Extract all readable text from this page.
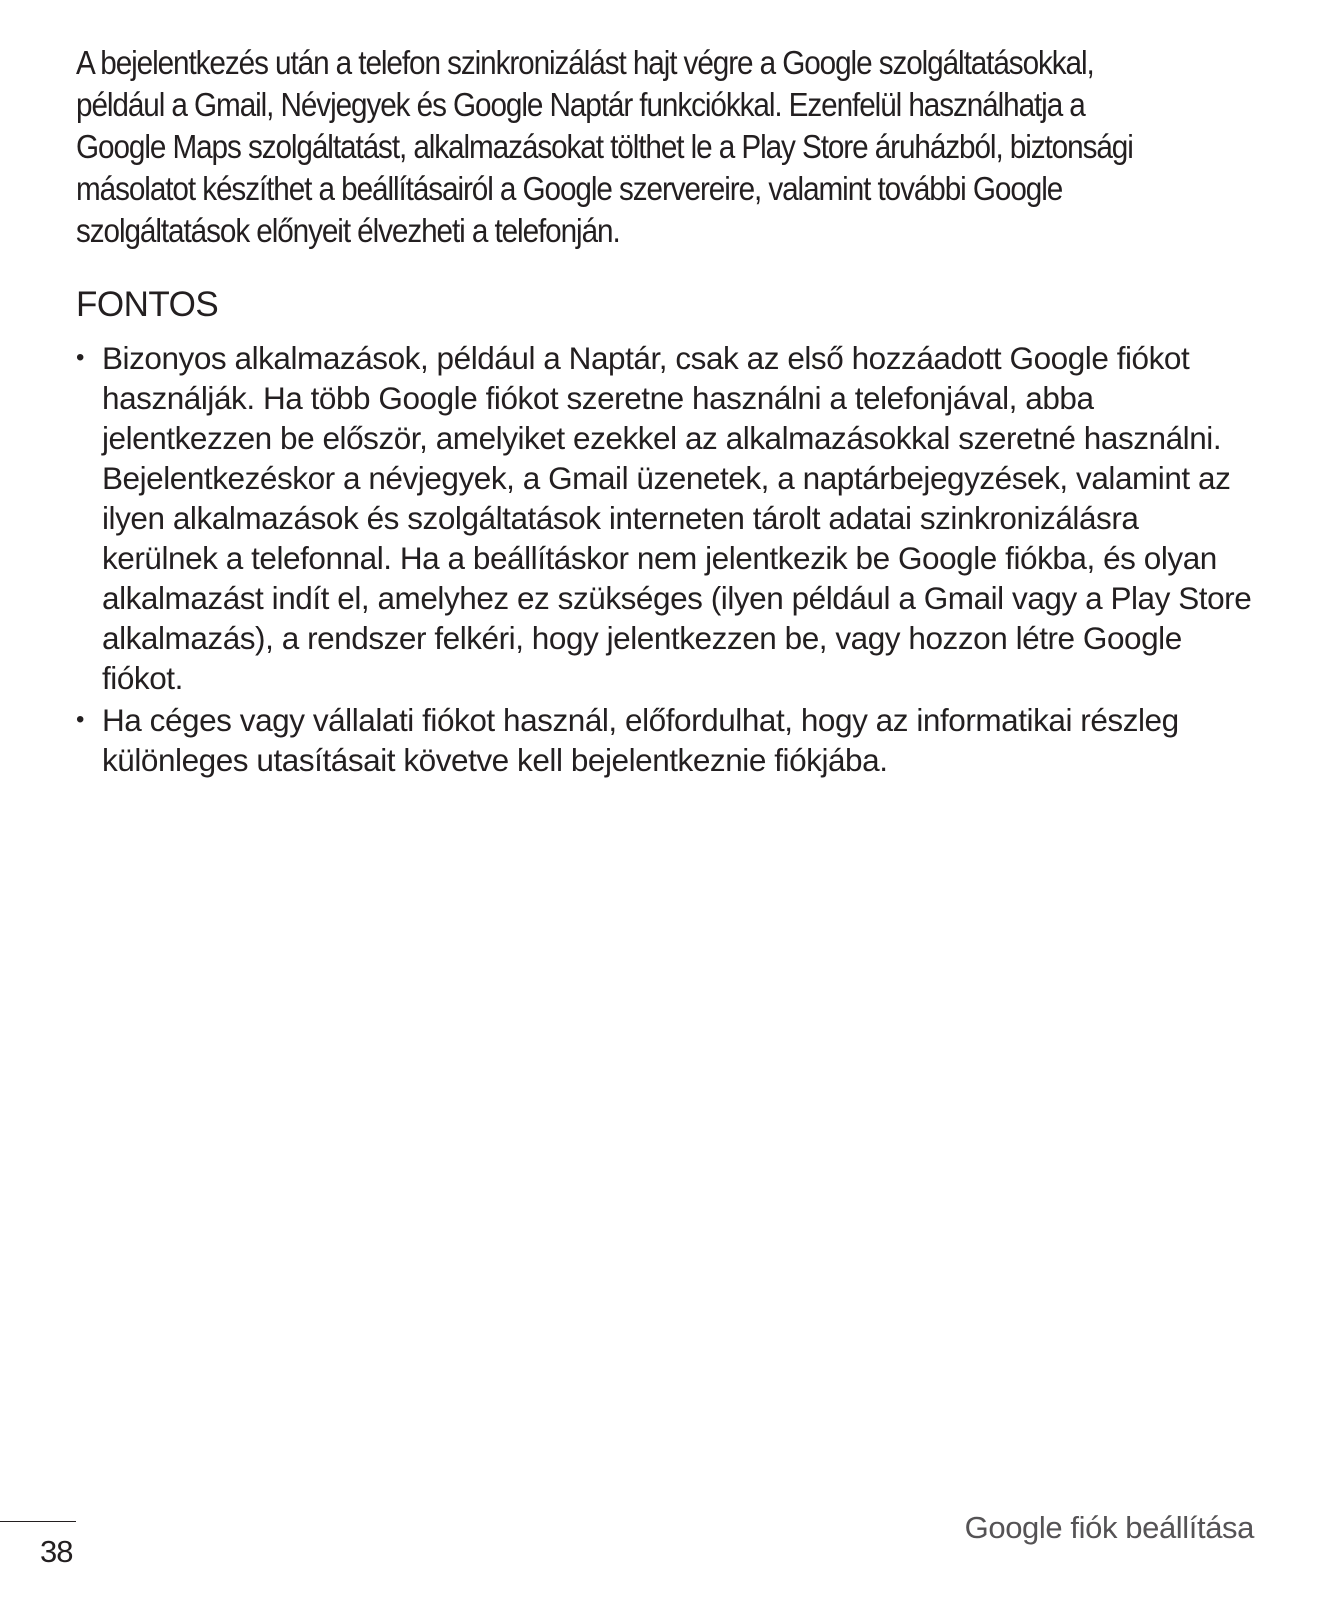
A bejelentkezés után a telefon szinkronizálást hajt végre a Google szolgáltatásokkal, például a Gmail, Névjegyek és Google Naptár funkciókkal. Ezenfelül használhatja a Google Maps szolgáltatást, alkalmazásokat tölthet le a Play Store áruházból, biztonsági másolatot készíthet a beállításairól a Google szervereire, valamint további Google szolgáltatások előnyeit élvezheti a telefonján.

FONTOS
• Bizonyos alkalmazások, például a Naptár, csak az első hozzáadott Google fiókot használják. Ha több Google fiókot szeretne használni a telefonjával, abba jelentkezzen be először, amelyiket ezekkel az alkalmazásokkal szeretné használni. Bejelentkezéskor a névjegyek, a Gmail üzenetek, a naptárbejegyzések, valamint az ilyen alkalmazások és szolgáltatások interneten tárolt adatai szinkronizálásra kerülnek a telefonnal. Ha a beállításkor nem jelentkezik be Google fiókba, és olyan alkalmazást indít el, amelyhez ez szükséges (ilyen például a Gmail vagy a Play Store alkalmazás), a rendszer felkéri, hogy jelentkezzen be, vagy hozzon létre Google fiókot.
• Ha céges vagy vállalati fiókot használ, előfordulhat, hogy az informatikai részleg különleges utasításait követve kell bejelentkeznie fiókjába.

38

Google fiók beállítása
